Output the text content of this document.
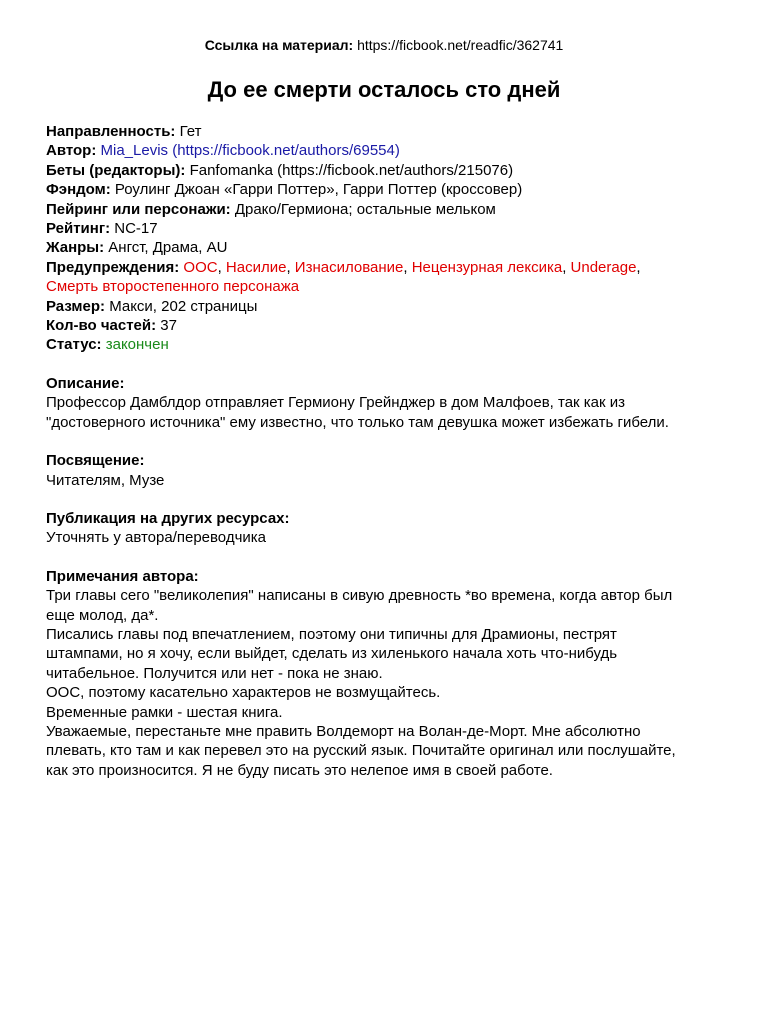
Ссылка на материал: https://ficbook.net/readfic/362741
До ее смерти осталось сто дней
Направленность: Гет
Автор: Mia_Levis (https://ficbook.net/authors/69554)
Беты (редакторы): Fanfomanka (https://ficbook.net/authors/215076)
Фэндом: Роулинг Джоан «Гарри Поттер», Гарри Поттер (кроссовер)
Пейринг или персонажи: Драко/Гермиона; остальные мельком
Рейтинг: NC-17
Жанры: Ангст, Драма, AU
Предупреждения: ООС, Насилие, Изнасилование, Нецензурная лексика, Underage,
Смерть второстепенного персонажа
Размер: Макси, 202 страницы
Кол-во частей: 37
Статус: закончен
Описание:
Профессор Дамблдор отправляет Гермиону Грейнджер в дом Малфоев, так как из
"достоверного источника" ему известно, что только там девушка может избежать гибели.
Посвящение:
Читателям, Музе
Публикация на других ресурсах:
Уточнять у автора/переводчика
Примечания автора:
Три главы сего "великолепия" написаны в сивую древность *во времена, когда автор был
еще молод, да*.
Писались главы под впечатлением, поэтому они типичны для Драмионы, пестрят
штампами, но я хочу, если выйдет, сделать из хиленького начала хоть что-нибудь
читабельное. Получится или нет - пока не знаю.
ООС, поэтому касательно характеров не возмущайтесь.
Временные рамки - шестая книга.
Уважаемые, перестаньте мне править Волдеморт на Волан-де-Морт. Мне абсолютно
плевать, кто там и как перевел это на русский язык. Почитайте оригинал или послушайте,
как это произносится. Я не буду писать это нелепое имя в своей работе.
